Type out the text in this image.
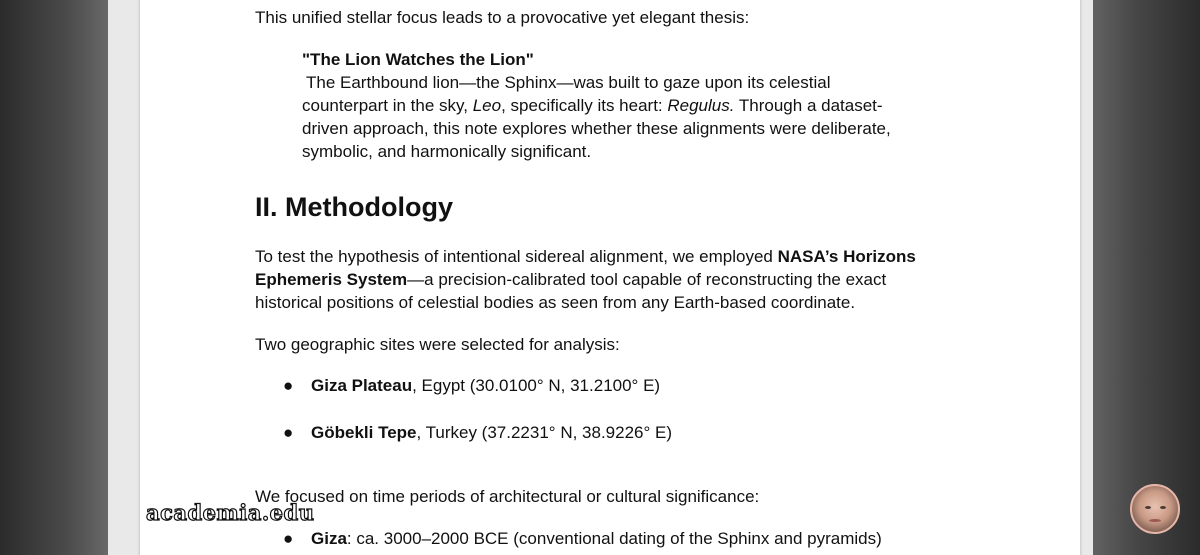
This unified stellar focus leads to a provocative yet elegant thesis:

"The Lion Watches the Lion"

The Earthbound lion—the Sphinx—was built to gaze upon its celestial counterpart in the sky, Leo, specifically its heart: Regulus. Through a dataset-driven approach, this note explores whether these alignments were deliberate, symbolic, and harmonically significant.

II. Methodology

To test the hypothesis of intentional sidereal alignment, we employed NASA’s Horizons Ephemeris System—a precision-calibrated tool capable of reconstructing the exact historical positions of celestial bodies as seen from any Earth-based coordinate.

Two geographic sites were selected for analysis:

● Giza Plateau, Egypt (30.0100° N, 31.2100° E)
● Göbekli Tepe, Turkey (37.2231° N, 38.9226° E)

We focused on time periods of architectural or cultural significance:

● Giza: ca. 3000–2000 BCE (conventional dating of the Sphinx and pyramids)
academia.edu
